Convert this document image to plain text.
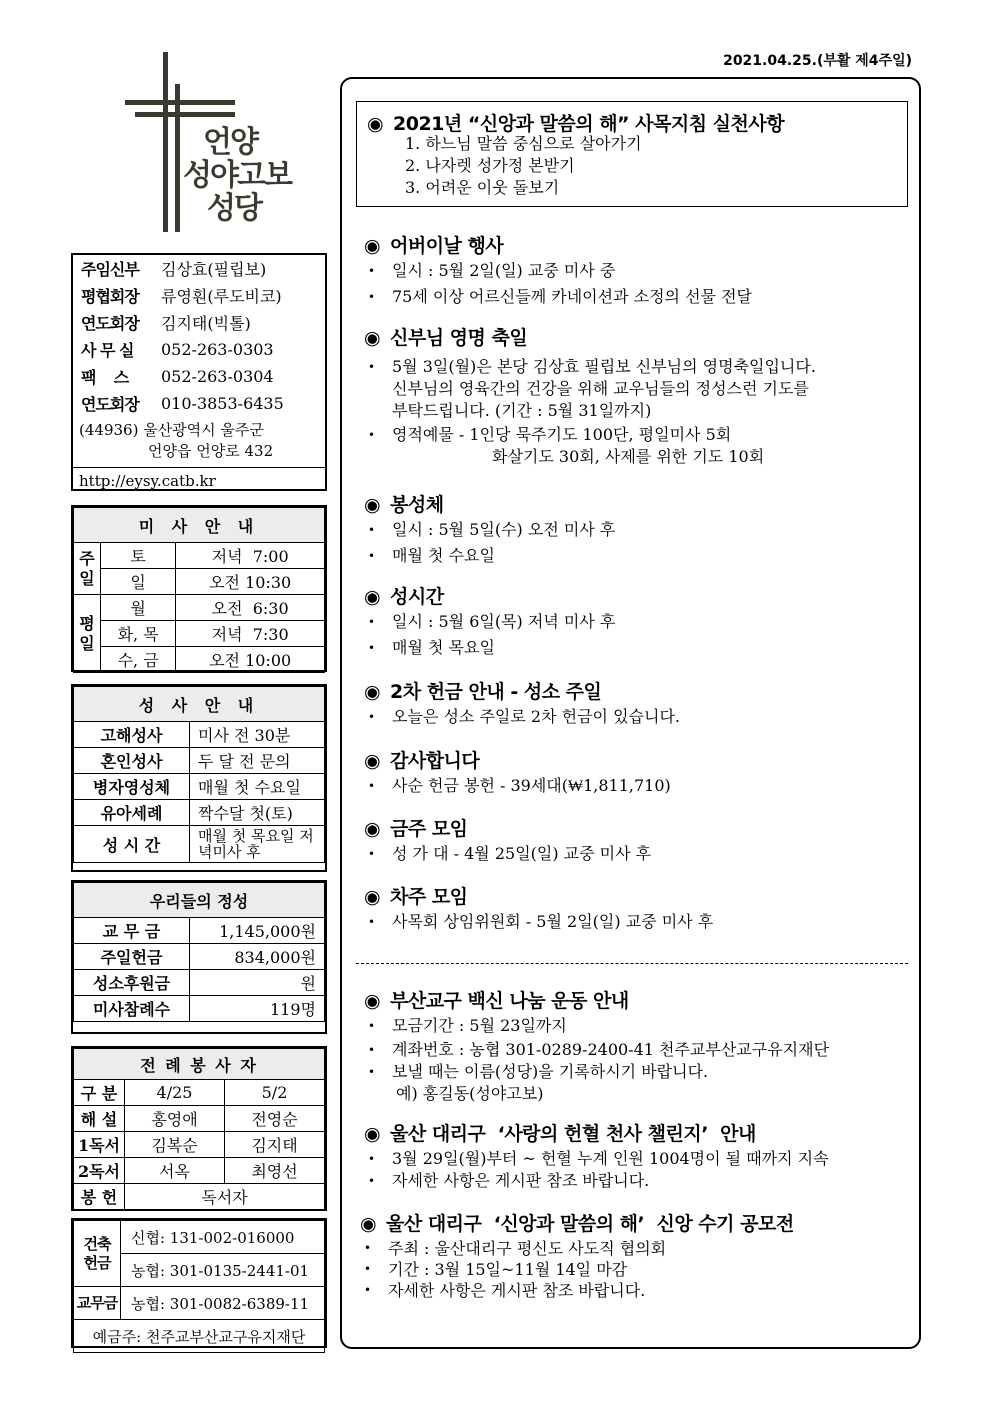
2021.04.25.(부활 제4주일)
언양
성야고보
성당
주임신부	김상효(필립보)
평협회장	류영훤(루도비코)
연도회장	김지태(빅톨)
사 무 실	052-263-0303
팩    스	052-263-0304
연도회장	010-3853-6435
(44936) 울산광역시 울주군
언양읍 언양로 432
http://eysy.catb.kr
미 사 안 내		
주일	토	저녁  7:00
	일	오전 10:30
평일	월	오전  6:30
	화, 목	저녁  7:30
	수, 금	오전 10:00
성 사 안 내	
고해성사	미사 전 30분
혼인성사	두 달 전 문의
병자영성체	매월 첫 수요일
유아세례	짝수달 첫(토)
성 시 간	매월 첫 목요일 저녁미사 후
우리들의 정성	
교 무 금	1,145,000원
주일헌금	834,000원
성소후원금	원
미사참례수	119명
전 례 봉 사 자		
구 분	4/25	5/2
해 설	홍영애	전영순
1독서	김복순	김지태
2독서	서옥	최영선
봉 헌	독서자	
건축헌금	신협: 131-002-016000
	농협: 301-0135-2441-01
교무금	농협: 301-0082-6389-11
예금주: 천주교부산교구유지재단	
◉ 2021년 “신앙과 말씀의 해” 사목지침 실천사항
1. 하느님 말씀 중심으로 살아가기
2. 나자렛 성가정 본받기
3. 어려운 이웃 돌보기
◉ 어버이날 행사
• 일시 : 5월 2일(일) 교중 미사 중
• 75세 이상 어르신들께 카네이션과 소정의 선물 전달
◉ 신부님 영명 축일
• 5월 3일(월)은 본당 김상효 필립보 신부님의 영명축일입니다.
신부님의 영육간의 건강을 위해 교우님들의 정성스런 기도를
부탁드립니다. (기간 : 5월 31일까지)
• 영적예물 - 1인당 묵주기도 100단, 평일미사 5회
화살기도 30회, 사제를 위한 기도 10회
◉ 봉성체
• 일시 : 5월 5일(수) 오전 미사 후
• 매월 첫 수요일
◉ 성시간
• 일시 : 5월 6일(목) 저녁 미사 후
• 매월 첫 목요일
◉ 2차 헌금 안내 - 성소 주일
• 오늘은 성소 주일로 2차 헌금이 있습니다.
◉ 감사합니다
• 사순 헌금 봉헌 - 39세대(₩1,811,710)
◉ 금주 모임
• 성 가 대 - 4월 25일(일) 교중 미사 후
◉ 차주 모임
• 사목회 상임위원회 - 5월 2일(일) 교중 미사 후
◉ 부산교구 백신 나눔 운동 안내
• 모금기간 : 5월 23일까지
• 계좌번호 : 농협 301-0289-2400-41 천주교부산교구유지재단
• 보낼 때는 이름(성당)을 기록하시기 바랍니다.
예) 홍길동(성야고보)
◉ 울산 대리구  ‘사랑의 헌혈 천사 챌린지’  안내
• 3월 29일(월)부터 ~ 헌혈 누계 인원 1004명이 될 때까지 지속
• 자세한 사항은 게시판 참조 바랍니다.
◉ 울산 대리구  ‘신앙과 말씀의 해’  신앙 수기 공모전
• 주최 : 울산대리구 평신도 사도직 협의회
• 기간 : 3월 15일~11월 14일 마감
• 자세한 사항은 게시판 참조 바랍니다.
